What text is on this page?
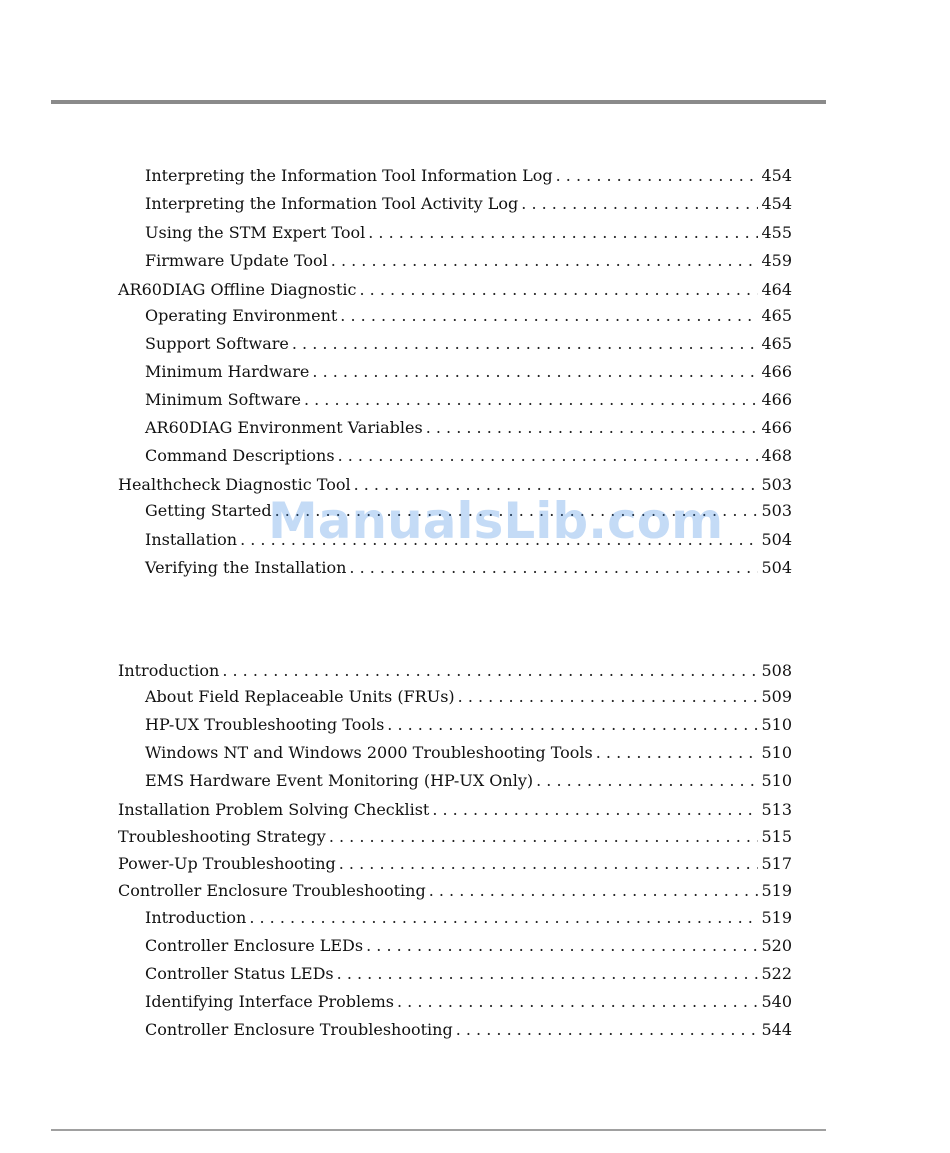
Interpreting the Information Tool Information Log . . .	454
Interpreting the Information Tool Activity Log . . .	454
Using the STM Expert Tool . . .	455
Firmware Update Tool . . .	459
AR60DIAG Offline Diagnostic . . .	464
Operating Environment . . .	465
Support Software . . .	465
Minimum Hardware . . .	466
Minimum Software . . .	466
AR60DIAG Environment Variables . . .	466
Command Descriptions . . .	468
Healthcheck Diagnostic Tool . . .	503
Getting Started . . .	503
Installation . . .	504
Verifying the Installation . . .	504
Introduction . . .	508
About Field Replaceable Units (FRUs) . . .	509
HP-UX Troubleshooting Tools . . .	510
Windows NT and Windows 2000 Troubleshooting Tools . . .	510
EMS Hardware Event Monitoring (HP-UX Only) . . .	510
Installation Problem Solving Checklist . . .	513
Troubleshooting Strategy . . .	515
Power-Up Troubleshooting . . .	517
Controller Enclosure Troubleshooting . . .	519
Introduction . . .	519
Controller Enclosure LEDs . . .	520
Controller Status LEDs . . .	522
Identifying Interface Problems . . .	540
Controller Enclosure Troubleshooting . . .	544
ManualsLib.com
